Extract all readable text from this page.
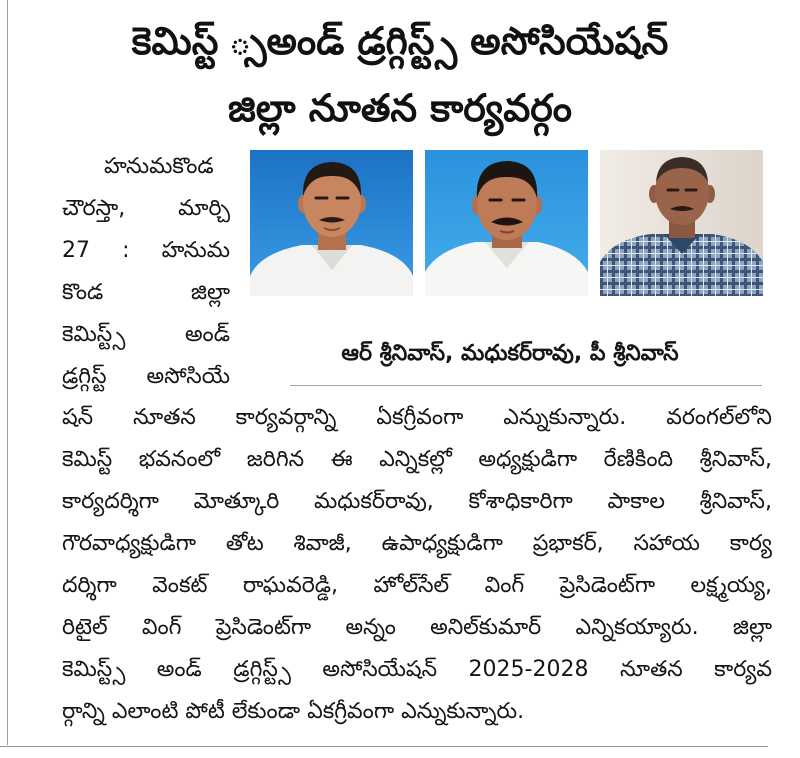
కెమిస్ట్ ్సఅండ్ డ్రగ్గిస్ట్స్ అసోసియేషన్
జిల్లా నూతన కార్యవర్గం
హనుమకొండ
చౌరస్తా, మార్చి
27 : హనుమ
కొండ జిల్లా
కెమిస్ట్స్ అండ్
డ్రగ్గిస్ట్ అసోసియే
ఆర్ శ్రీనివాస్, మధుకర్‌రావు, పీ శ్రీనివాస్
షన్ నూతన కార్యవర్గాన్ని ఏకగ్రీవంగా ఎన్నుకున్నారు. వరంగల్‌లోని
కెమిస్ట్ భవనంలో జరిగిన ఈ ఎన్నికల్లో అధ్యక్షుడిగా రేణికింది శ్రీనివాస్,
కార్యదర్శిగా మోత్కూరి మధుకర్‌రావు, కోశాధికారిగా పాకాల శ్రీనివాస్,
గౌరవాధ్యక్షుడిగా తోట శివాజీ, ఉపాధ్యక్షుడిగా ప్రభాకర్, సహాయ కార్య
దర్శిగా వెంకట్ రాఘవరెడ్డి, హోల్‌సేల్ వింగ్ ప్రెసిడెంట్‌గా లక్ష్మయ్య,
రిటైల్ వింగ్ ప్రెసిడెంట్‌గా అన్నం అనిల్‌కుమార్ ఎన్నికయ్యారు. జిల్లా
కెమిస్ట్స్ అండ్ డ్రగ్గిస్ట్స్ అసోసియేషన్ 2025-2028 నూతన కార్యవ
ర్గాన్ని ఎలాంటి పోటీ లేకుండా ఏకగ్రీవంగా ఎన్నుకున్నారు.
